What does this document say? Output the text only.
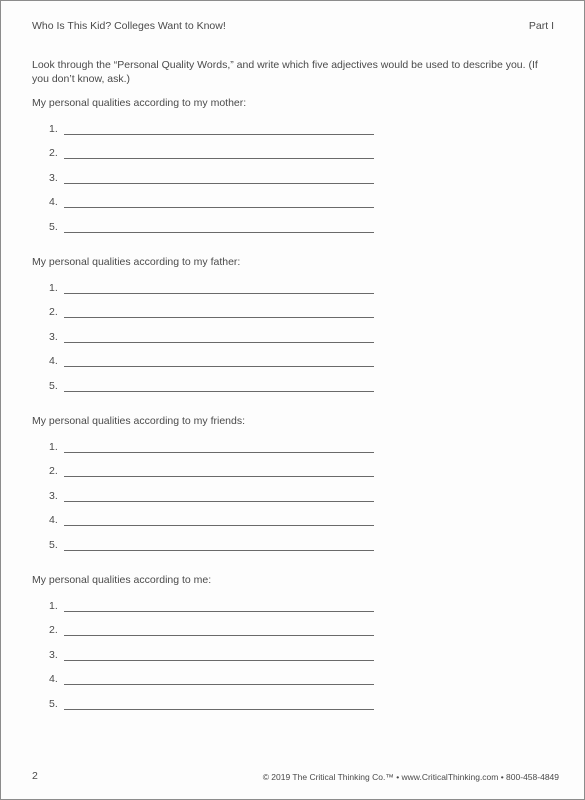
Who Is This Kid? Colleges Want to Know!	Part I
Look through the “Personal Quality Words,” and write which five adjectives would be used to describe you. (If you don’t know, ask.)
My personal qualities according to my mother:
1.
2.
3.
4.
5.
My personal qualities according to my father:
1.
2.
3.
4.
5.
My personal qualities according to my friends:
1.
2.
3.
4.
5.
My personal qualities according to me:
1.
2.
3.
4.
5.
2	© 2019 The Critical Thinking Co.™ • www.CriticalThinking.com • 800-458-4849
